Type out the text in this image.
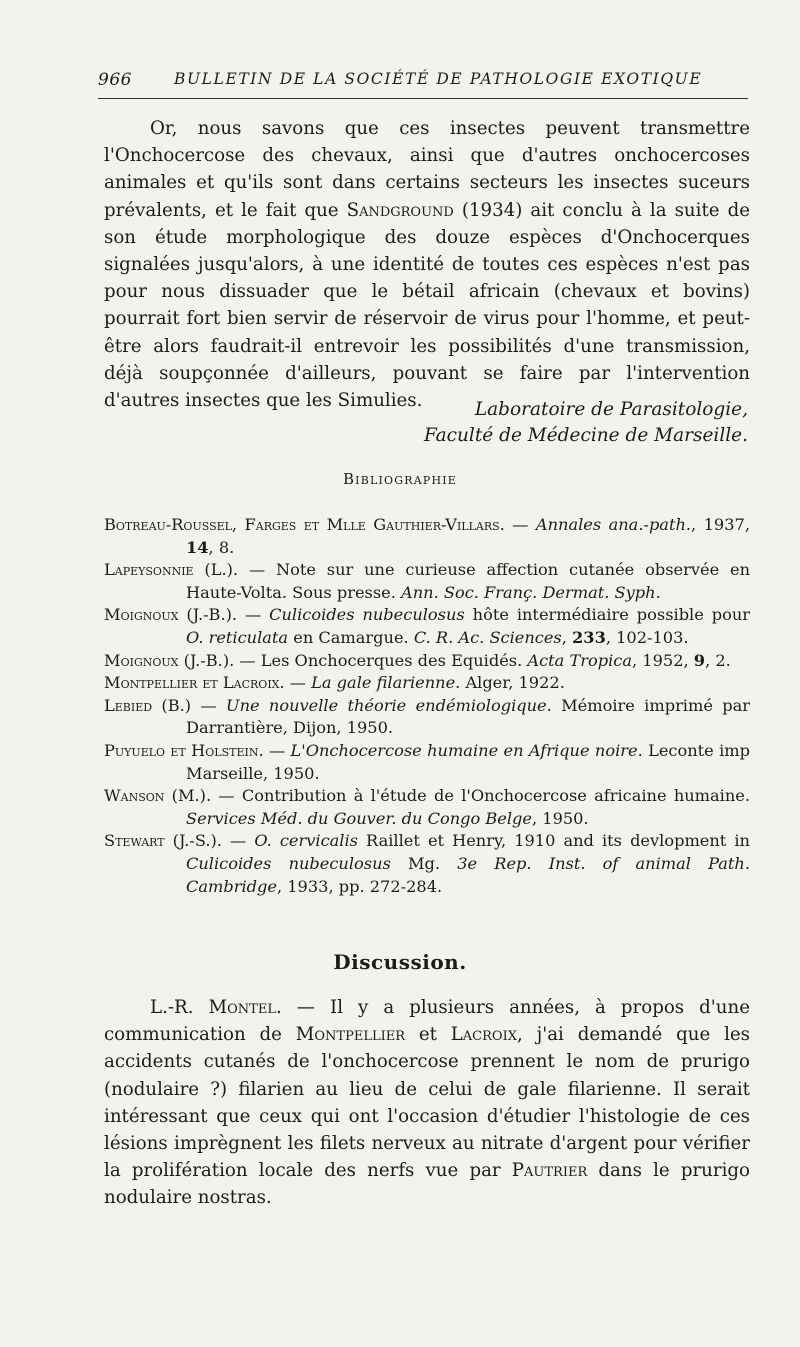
966	BULLETIN DE LA SOCIÉTÉ DE PATHOLOGIE EXOTIQUE
Or, nous savons que ces insectes peuvent transmettre l'Onchocercose des chevaux, ainsi que d'autres onchocercoses animales et qu'ils sont dans certains secteurs les insectes suceurs prévalents, et le fait que Sandground (1934) ait conclu à la suite de son étude morphologique des douze espèces d'Onchocerques signalées jusqu'alors, à une identité de toutes ces espèces n'est pas pour nous dissuader que le bétail africain (chevaux et bovins) pourrait fort bien servir de réservoir de virus pour l'homme, et peut-être alors faudrait-il entrevoir les possibilités d'une transmission, déjà soupçonnée d'ailleurs, pouvant se faire par l'intervention d'autres insectes que les Simulies.	Laboratoire de Parasitologie,
Faculté de Médecine de Marseille.
Bibliographie
Botreau-Roussel, Farges et Mlle Gauthier-Villars. — Annales ana.-path., 1937, 14, 8.
Lapeysonnie (L.). — Note sur une curieuse affection cutanée observée en Haute-Volta. Sous presse. Ann. Soc. Franç. Dermat. Syph.
Moignoux (J.-B.). — Culicoides nubeculosus hôte intermédiaire possible pour O. reticulata en Camargue. C. R. Ac. Sciences, 233, 102-103.
Moignoux (J.-B.). — Les Onchocerques des Equidés. Acta Tropica, 1952, 9, 2.
Montpellier et Lacroix. — La gale filarienne. Alger, 1922.
Lebied (B.) — Une nouvelle théorie endémiologique. Mémoire imprimé par Darrantière, Dijon, 1950.
Puyuelo et Holstein. — L'Onchocercose humaine en Afrique noire. Leconte imp Marseille, 1950.
Wanson (M.). — Contribution à l'étude de l'Onchocercose africaine humaine. Services Méd. du Gouver. du Congo Belge, 1950.
Stewart (J.-S.). — O. cervicalis Raillet et Henry, 1910 and its devlopment in Culicoides nubeculosus Mg. 3e Rep. Inst. of animal Path. Cambridge, 1933, pp. 272-284.
Discussion.
L.-R. Montel. — Il y a plusieurs années, à propos d'une communication de Montpellier et Lacroix, j'ai demandé que les accidents cutanés de l'onchocercose prennent le nom de prurigo (nodulaire ?) filarien au lieu de celui de gale filarienne. Il serait intéressant que ceux qui ont l'occasion d'étudier l'histologie de ces lésions imprègnent les filets nerveux au nitrate d'argent pour vérifier la prolifération locale des nerfs vue par Pautrier dans le prurigo nodulaire nostras.
